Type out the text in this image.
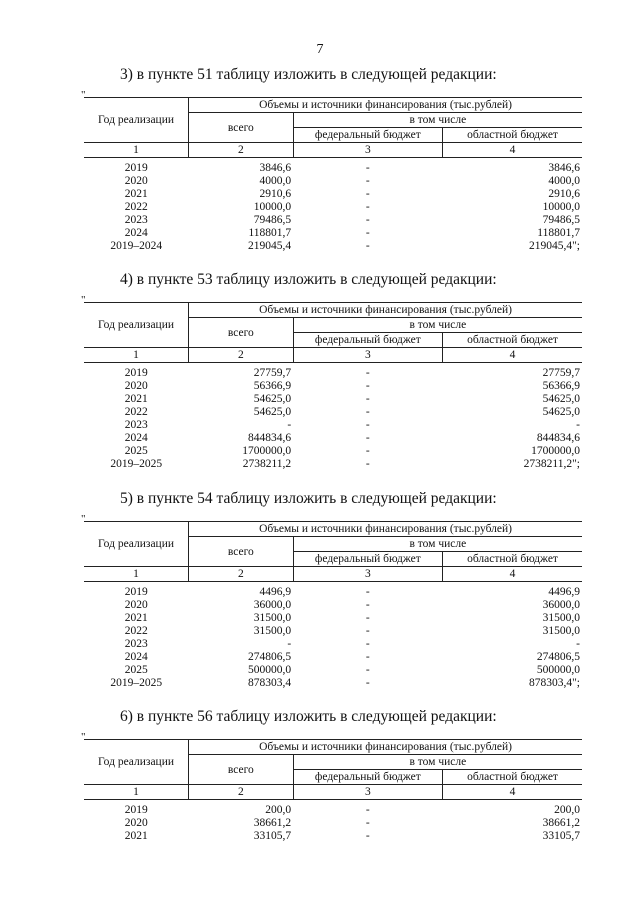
7
3) в пункте 51 таблицу изложить в следующей редакции:
"
Год реализации	Объемы и источники финансирования (тыс.рублей)		
	всего	в том числе	
		федеральный бюджет	областной бюджет
1	2	3	4
2019	3846,6	-	3846,6
2020	4000,0	-	4000,0
2021	2910,6	-	2910,6
2022	10000,0	-	10000,0
2023	79486,5	-	79486,5
2024	118801,7	-	118801,7
2019–2024	219045,4	-	219045,4";
4) в пункте 53 таблицу изложить в следующей редакции:
"
Год реализации	Объемы и источники финансирования (тыс.рублей)		
	всего	в том числе	
		федеральный бюджет	областной бюджет
1	2	3	4
2019	27759,7	-	27759,7
2020	56366,9	-	56366,9
2021	54625,0	-	54625,0
2022	54625,0	-	54625,0
2023	-	-	-
2024	844834,6	-	844834,6
2025	1700000,0	-	1700000,0
2019–2025	2738211,2	-	2738211,2";
5) в пункте 54 таблицу изложить в следующей редакции:
"
Год реализации	Объемы и источники финансирования (тыс.рублей)		
	всего	в том числе	
		федеральный бюджет	областной бюджет
1	2	3	4
2019	4496,9	-	4496,9
2020	36000,0	-	36000,0
2021	31500,0	-	31500,0
2022	31500,0	-	31500,0
2023	-	-	-
2024	274806,5	-	274806,5
2025	500000,0	-	500000,0
2019–2025	878303,4	-	878303,4";
6) в пункте 56 таблицу изложить в следующей редакции:
"
Год реализации	Объемы и источники финансирования (тыс.рублей)		
	всего	в том числе	
		федеральный бюджет	областной бюджет
1	2	3	4
2019	200,0	-	200,0
2020	38661,2	-	38661,2
2021	33105,7	-	33105,7
